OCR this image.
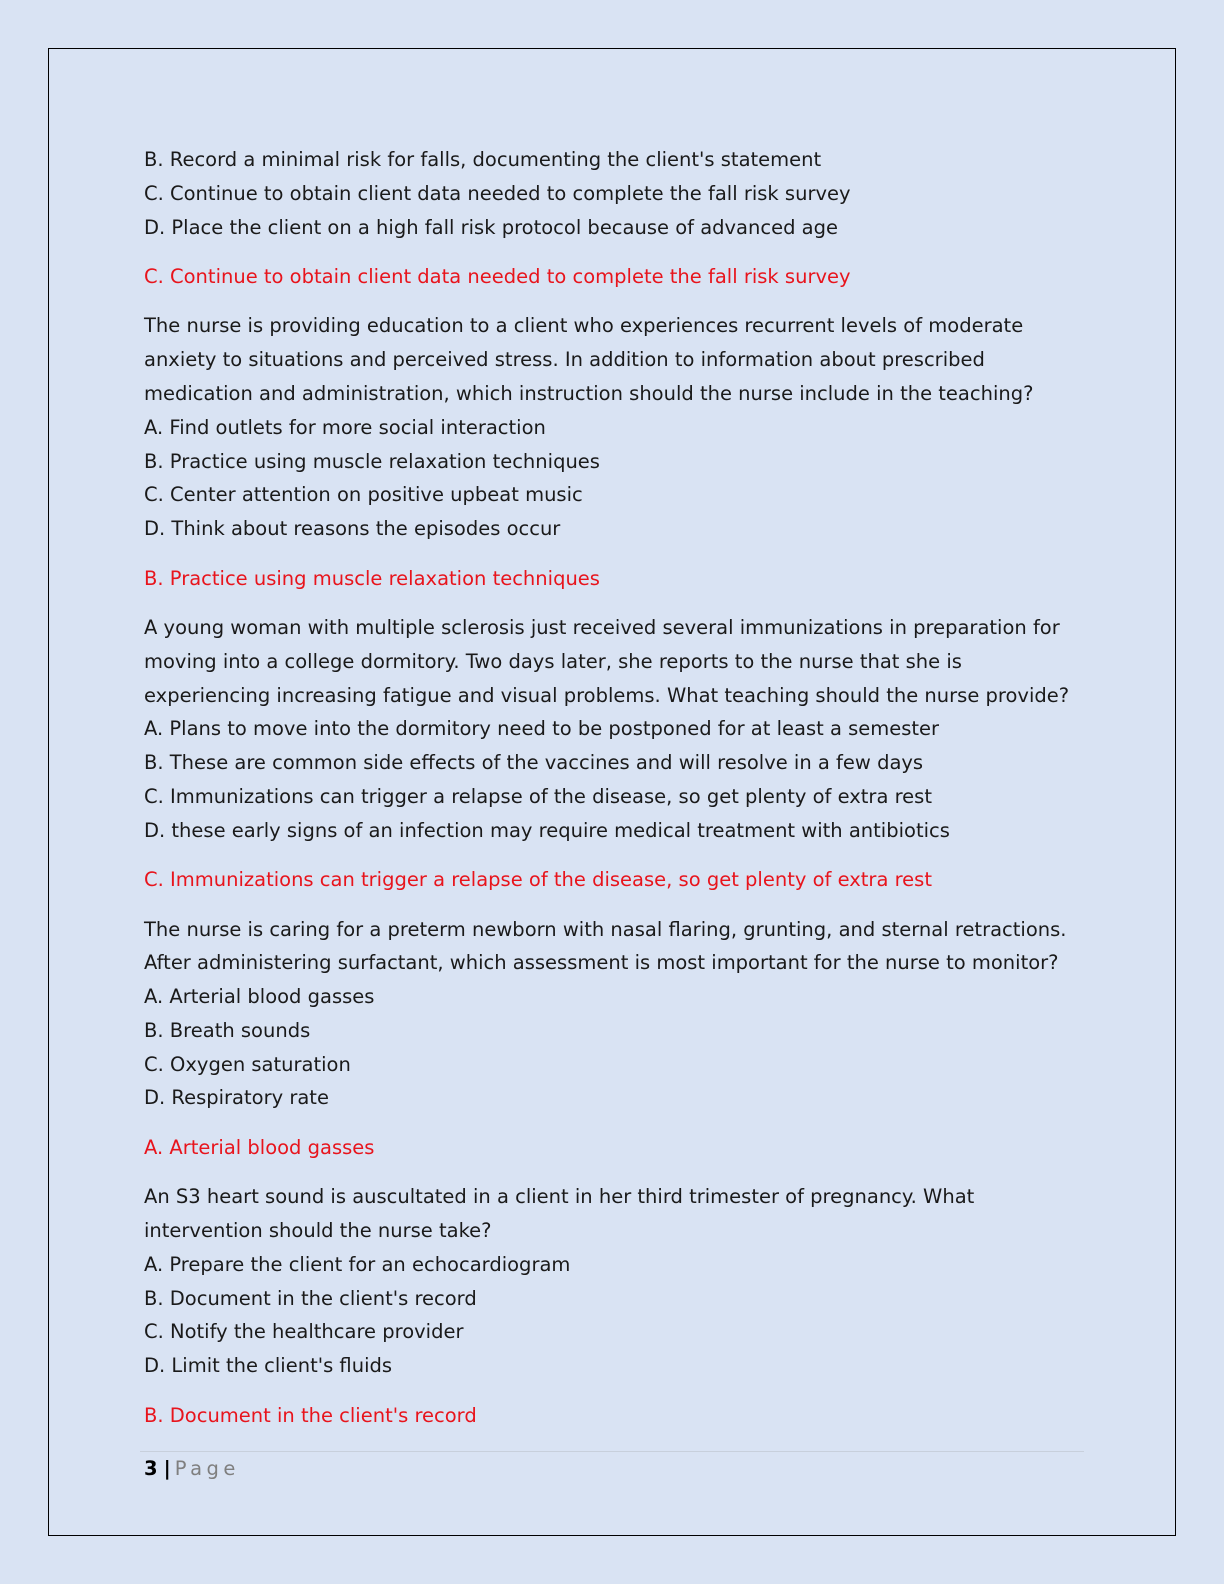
B. Record a minimal risk for falls, documenting the client's statement
C. Continue to obtain client data needed to complete the fall risk survey
D. Place the client on a high fall risk protocol because of advanced age
C. Continue to obtain client data needed to complete the fall risk survey
The nurse is providing education to a client who experiences recurrent levels of moderate
anxiety to situations and perceived stress. In addition to information about prescribed
medication and administration, which instruction should the nurse include in the teaching?
A. Find outlets for more social interaction
B. Practice using muscle relaxation techniques
C. Center attention on positive upbeat music
D. Think about reasons the episodes occur
B. Practice using muscle relaxation techniques
A young woman with multiple sclerosis just received several immunizations in preparation for
moving into a college dormitory. Two days later, she reports to the nurse that she is
experiencing increasing fatigue and visual problems. What teaching should the nurse provide?
A. Plans to move into the dormitory need to be postponed for at least a semester
B. These are common side effects of the vaccines and will resolve in a few days
C. Immunizations can trigger a relapse of the disease, so get plenty of extra rest
D. these early signs of an infection may require medical treatment with antibiotics
C. Immunizations can trigger a relapse of the disease, so get plenty of extra rest
The nurse is caring for a preterm newborn with nasal flaring, grunting, and sternal retractions.
After administering surfactant, which assessment is most important for the nurse to monitor?
A. Arterial blood gasses
B. Breath sounds
C. Oxygen saturation
D. Respiratory rate
A. Arterial blood gasses
An S3 heart sound is auscultated in a client in her third trimester of pregnancy. What
intervention should the nurse take?
A. Prepare the client for an echocardiogram
B. Document in the client's record
C. Notify the healthcare provider
D. Limit the client's fluids
B. Document in the client's record
3 | Page
